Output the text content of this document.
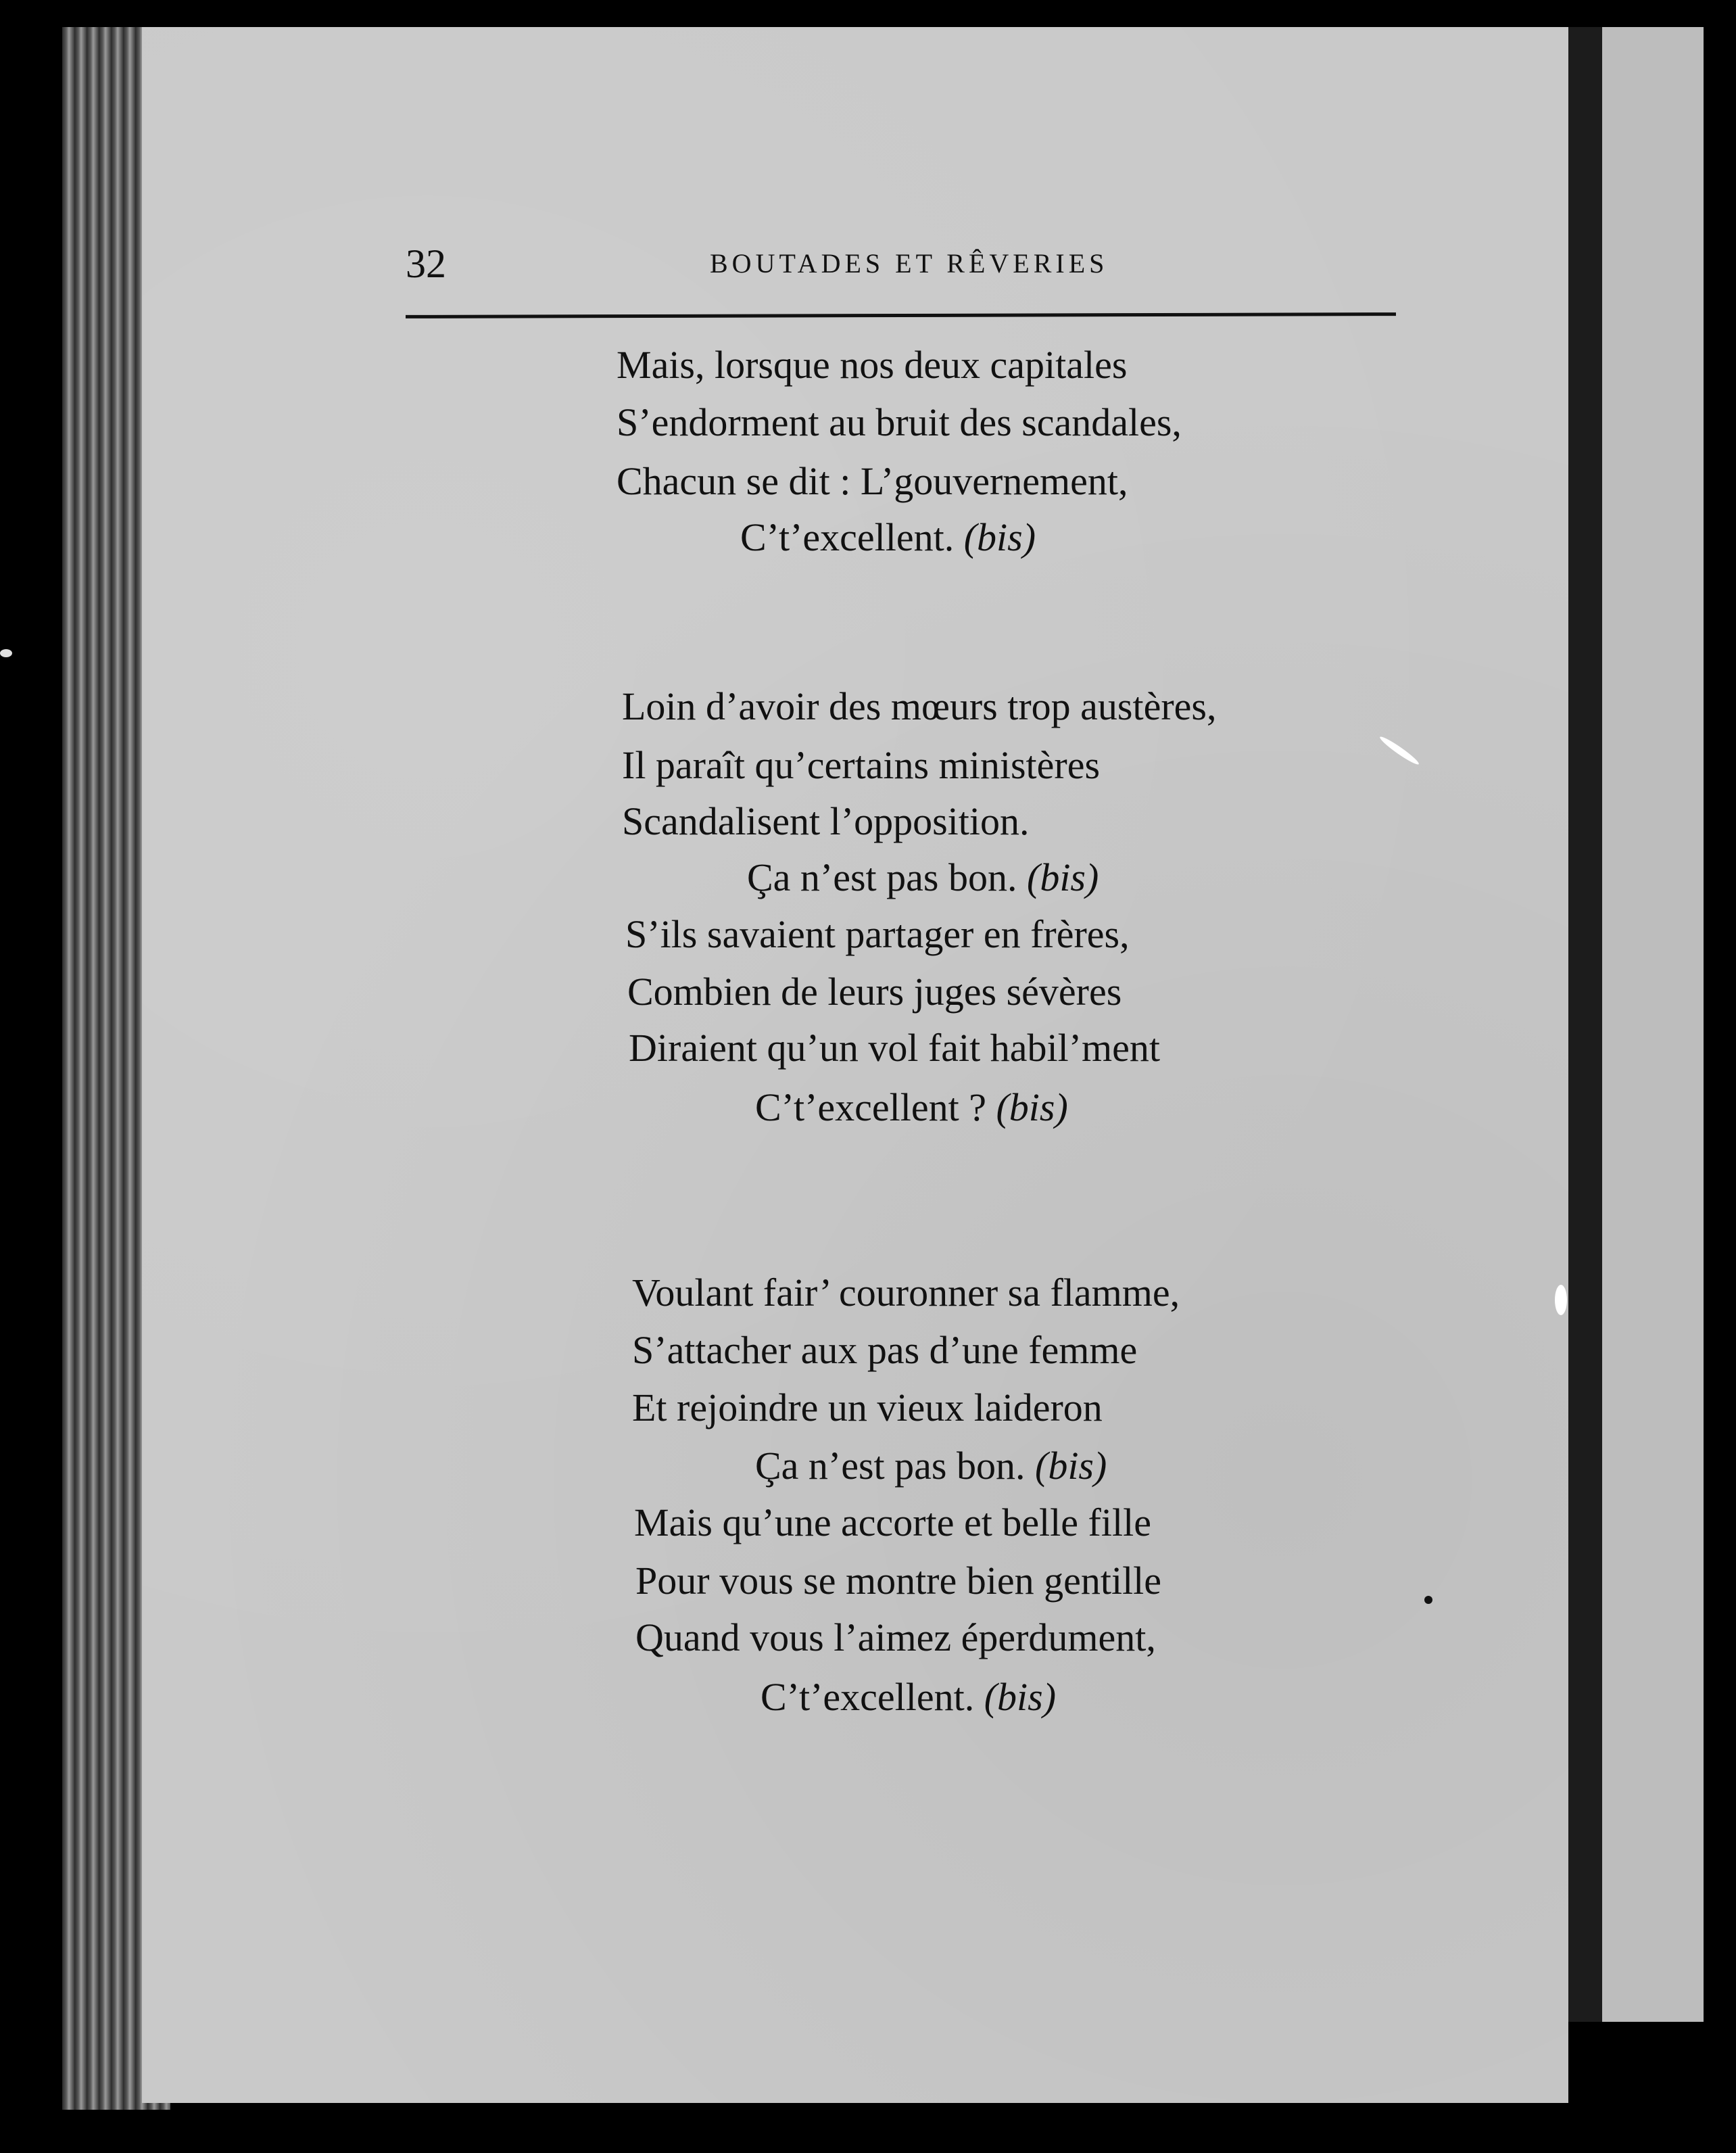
32	BOUTADES ET RÊVERIES
Mais, lorsque nos deux capitales
S’endorment au bruit des scandales,
Chacun se dit : L’gouvernement,
C’t’excellent. (bis)
Loin d’avoir des mœurs trop austères,
Il paraît qu’certains ministères
Scandalisent l’opposition.
Ça n’est pas bon. (bis)
S’ils savaient partager en frères,
Combien de leurs juges sévères
Diraient qu’un vol fait habil’ment
C’t’excellent ? (bis)
Voulant fair’ couronner sa flamme,
S’attacher aux pas d’une femme
Et rejoindre un vieux laideron
Ça n’est pas bon. (bis)
Mais qu’une accorte et belle fille
Pour vous se montre bien gentille
Quand vous l’aimez éperdument,
C’t’excellent. (bis)
